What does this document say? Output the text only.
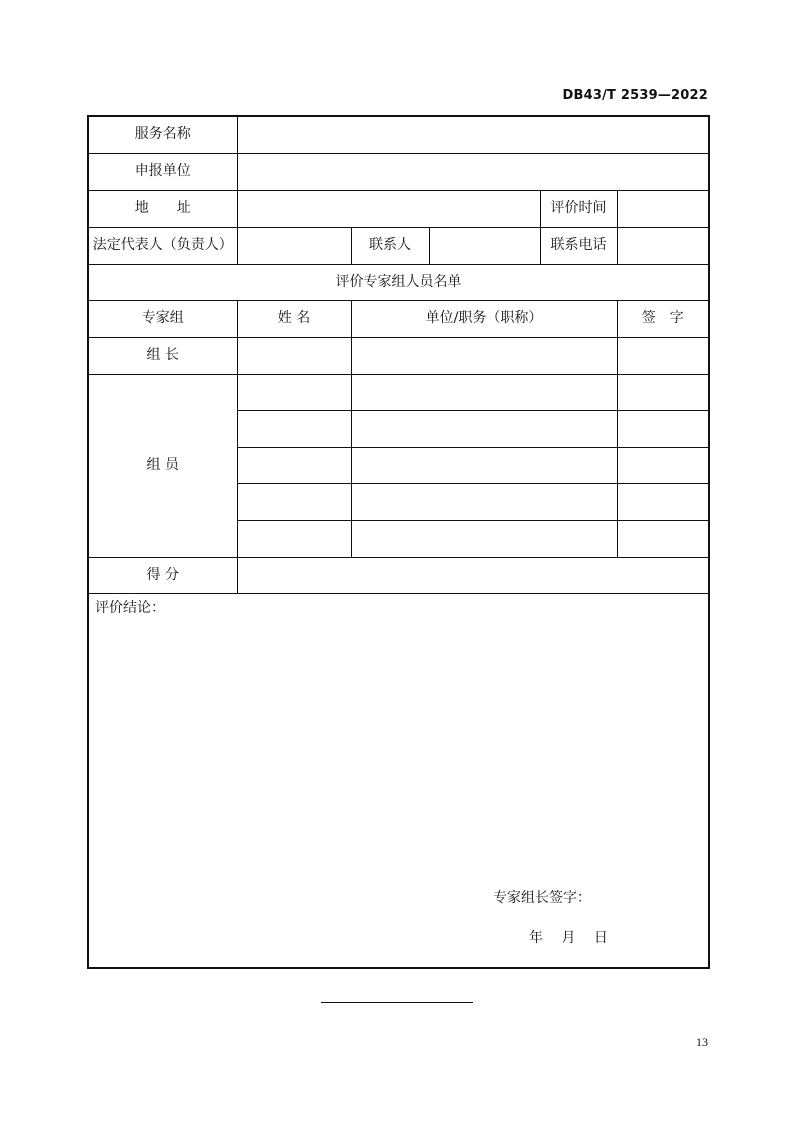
DB43/T 2539—2022
服务名称					
申报单位					
地　　址				评价时间	
法定代表人（负责人）		联系人		联系电话	
评价专家组人员名单					
专家组	姓 名	单位/职务（职称）			签　字
组 长					
组 员					

得 分					

评价结论：
专家组长签字：
年　 月　 日					
13
